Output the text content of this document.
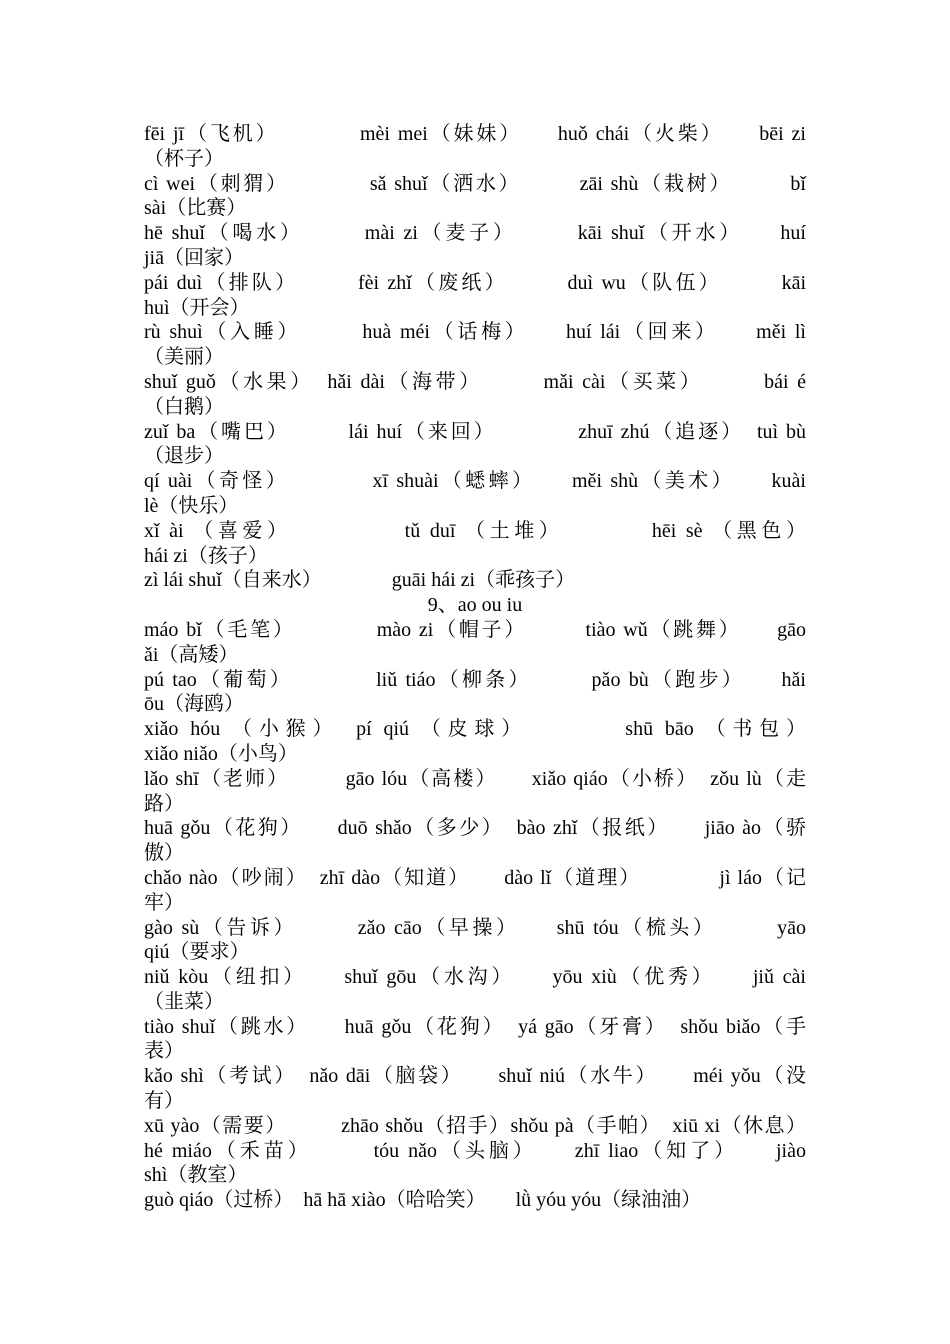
fēi jī（飞机）　　　　mèi mei（妹妹）　　huǒ chái（火柴）　　bēi zi
（杯子）
cì wei（刺猬）　　　　sǎ shuǐ（洒水）　　　zāi shù（栽树）　　　bǐ
sài（比赛）
hē shuǐ（喝水）　　　mài zi（麦子）　　　kāi shuǐ（开水）　　huí
jiā（回家）
pái duì（排队）　　　fèi zhǐ（废纸）　　　duì wu（队伍）　　　kāi
huì（开会）
rù shuì（入睡）　　　huà méi（话梅）　　huí lái（回来）　　měi lì
（美丽）
shuǐ guǒ（水果）　hǎi dài（海带）　　　mǎi cài（买菜）　　　bái é
（白鹅）
zuǐ ba（嘴巴）　　　lái huí（来回）　　　　zhuī zhú（追逐）　tuì bù
（退步）
qí uài（奇怪）　　　　xī shuài（蟋蟀）　　měi shù（美术）　　kuài
lè（快乐）
xǐ ài （喜爱）　　　　　tǔ duī （土堆）　　　　hēi sè （黑色）
hái zi（孩子）
zì lái shuǐ（自来水）　　　　guāi hái zi（乖孩子）
9、ao ou iu
máo bǐ（毛笔）　　　　mào zi（帽子）　　　tiào wǔ（跳舞）　　gāo
ǎi（高矮）
pú tao（葡萄）　　　　liǔ tiáo（柳条）　　　pǎo bù（跑步）　　hǎi
ōu（海鸥）
xiǎo hóu （小猴）　pí qiú （皮球）　　　　shū bāo （书包）
xiǎo niǎo（小鸟）
lǎo shī（老师）　　　gāo lóu（高楼）　　xiǎo qiáo（小桥）　zǒu lù（走
路）
huā gǒu（花狗）　　duō shǎo（多少）　bào zhǐ（报纸）　　jiāo ào（骄
傲）
chǎo nào（吵闹）　zhī dào（知道）　　dào lǐ（道理）　　　　jì láo（记
牢）
gào sù（告诉）　　　zǎo cāo（早操）　　shū tóu（梳头）　　　yāo
qiú（要求）
niǔ kòu（纽扣）　　shuǐ gōu（水沟）　　yōu xiù（优秀）　　jiǔ cài
（韭菜）
tiào shuǐ（跳水）　　huā gǒu（花狗）　yá gāo（牙膏）　shǒu biǎo（手
表）
kǎo shì（考试）　nǎo dāi（脑袋）　　shuǐ niú（水牛）　　méi yǒu（没
有）
xū yào（需要）　　　zhāo shǒu（招手）shǒu pà（手帕）　xiū xi（休息）
hé miáo（禾苗）　　　tóu nǎo（头脑）　　zhī liao（知了）　　jiào
shì（教室）
guò qiáo（过桥）　hā hā xiào（哈哈笑）　　lǜ yóu yóu（绿油油）
